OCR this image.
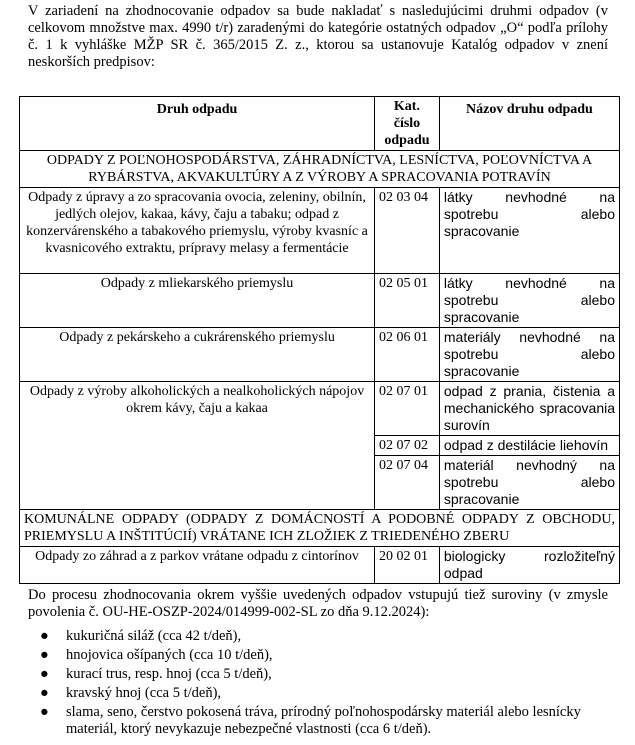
V zariadení na zhodnocovanie odpadov sa bude nakladať s nasledujúcimi druhmi odpadov (v celkovom množstve max. 4990 t/r) zaradenými do kategórie ostatných odpadov „O“ podľa prílohy č. 1 k vyhláške MŽP SR č. 365/2015 Z. z., ktorou sa ustanovuje Katalóg odpadov v znení neskorších predpisov:
Druh odpadu	Kat. číslo odpadu	Názov druhu odpadu
ODPADY Z POĽNOHOSPODÁRSTVA, ZÁHRADNÍCTVA, LESNÍCTVA, POĽOVNÍCTVA A RYBÁRSTVA, AKVAKULTÚRY A Z VÝROBY A SPRACOVANIA POTRAVÍN		
Odpady z úpravy a zo spracovania ovocia, zeleniny, obilnín, jedlých olejov, kakaa, kávy, čaju a tabaku; odpad z konzervárenského a tabakového priemyslu, výroby kvasníc a kvasnicového extraktu, prípravy melasy a fermentácie	02 03 04	látky nevhodné na spotrebu alebo spracovanie
Odpady z mliekarského priemyslu	02 05 01	látky nevhodné na spotrebu alebo spracovanie
Odpady z pekárskeho a cukrárenského priemyslu	02 06 01	materiály nevhodné na spotrebu alebo spracovanie
Odpady z výroby alkoholických a nealkoholických nápojov okrem kávy, čaju a kakaa	02 07 01	odpad z prania, čistenia a mechanického spracovania surovín
	02 07 02	odpad z destilácie liehovín
	02 07 04	materiál nevhodný na spotrebu alebo spracovanie
KOMUNÁLNE ODPADY (ODPADY Z DOMÁCNOSTÍ A PODOBNÉ ODPADY Z OBCHODU, PRIEMYSLU A INŠTITÚCIÍ) VRÁTANE ICH ZLOŽIEK Z TRIEDENÉHO ZBERU		
Odpady zo záhrad a z parkov vrátane odpadu z cintorínov	20 02 01	biologicky rozložiteľný odpad
Do procesu zhodnocovania okrem vyššie uvedených odpadov vstupujú tiež suroviny (v zmysle povolenia č. OU-HE-OSZP-2024/014999-002-SL zo dňa 9.12.2024):
● kukuričná siláž (cca 42 t/deň),
● hnojovica ošípaných (cca 10 t/deň),
● kurací trus, resp. hnoj (cca 5 t/deň),
● kravský hnoj (cca 5 t/deň),
● slama, seno, čerstvo pokosená tráva, prírodný poľnohospodársky materiál alebo lesnícky materiál, ktorý nevykazuje nebezpečné vlastnosti (cca 6 t/deň).
